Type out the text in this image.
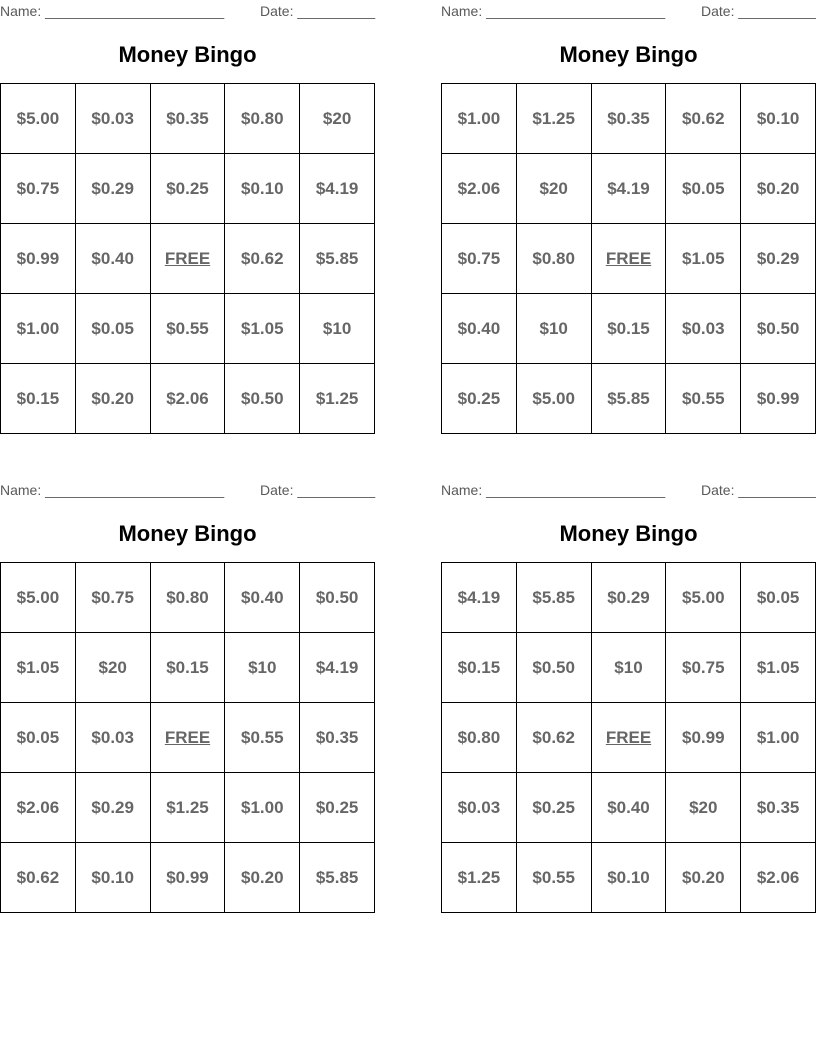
Name: _______________________	Date: __________
Money Bingo
$5.00	$0.03	$0.35	$0.80	$20
$0.75	$0.29	$0.25	$0.10	$4.19
$0.99	$0.40	FREE	$0.62	$5.85
$1.00	$0.05	$0.55	$1.05	$10
$0.15	$0.20	$2.06	$0.50	$1.25
Name: _______________________	Date: __________
Money Bingo
$1.00	$1.25	$0.35	$0.62	$0.10
$2.06	$20	$4.19	$0.05	$0.20
$0.75	$0.80	FREE	$1.05	$0.29
$0.40	$10	$0.15	$0.03	$0.50
$0.25	$5.00	$5.85	$0.55	$0.99
Name: _______________________	Date: __________
Money Bingo
$5.00	$0.75	$0.80	$0.40	$0.50
$1.05	$20	$0.15	$10	$4.19
$0.05	$0.03	FREE	$0.55	$0.35
$2.06	$0.29	$1.25	$1.00	$0.25
$0.62	$0.10	$0.99	$0.20	$5.85
Name: _______________________	Date: __________
Money Bingo
$4.19	$5.85	$0.29	$5.00	$0.05
$0.15	$0.50	$10	$0.75	$1.05
$0.80	$0.62	FREE	$0.99	$1.00
$0.03	$0.25	$0.40	$20	$0.35
$1.25	$0.55	$0.10	$0.20	$2.06
